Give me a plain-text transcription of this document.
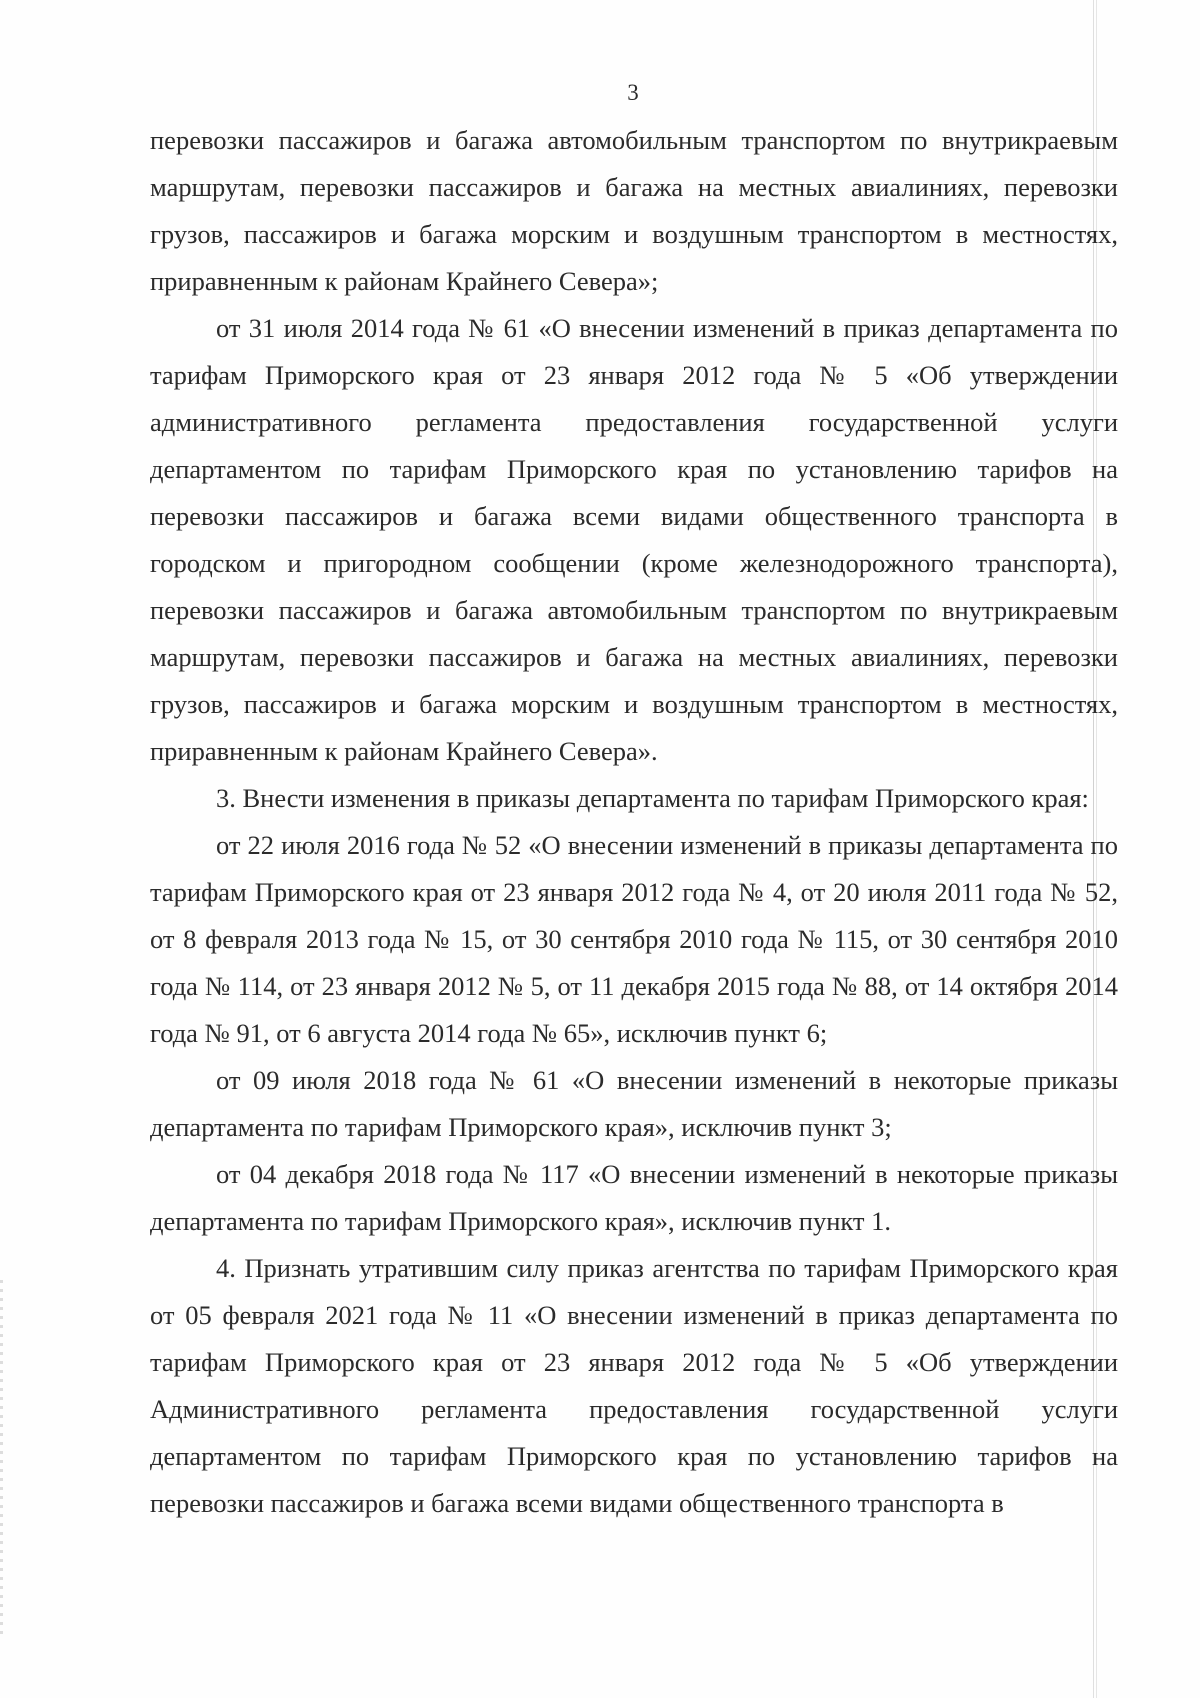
3

перевозки пассажиров и багажа автомобильным транспортом по внутрикраевым маршрутам, перевозки пассажиров и багажа на местных авиалиниях, перевозки грузов, пассажиров и багажа морским и воздушным транспортом в местностях, приравненным к районам Крайнего Севера»;

от 31 июля 2014 года № 61 «О внесении изменений в приказ департамента по тарифам Приморского края от 23 января 2012 года № 5 «Об утверждении административного регламента предоставления государственной услуги департаментом по тарифам Приморского края по установлению тарифов на перевозки пассажиров и багажа всеми видами общественного транспорта в городском и пригородном сообщении (кроме железнодорожного транспорта), перевозки пассажиров и багажа автомобильным транспортом по внутрикраевым маршрутам, перевозки пассажиров и багажа на местных авиалиниях, перевозки грузов, пассажиров и багажа морским и воздушным транспортом в местностях, приравненным к районам Крайнего Севера».

3. Внести изменения в приказы департамента по тарифам Приморского края:

от 22 июля 2016 года № 52 «О внесении изменений в приказы департамента по тарифам Приморского края от 23 января 2012 года № 4, от 20 июля 2011 года № 52, от 8 февраля 2013 года № 15, от 30 сентября 2010 года № 115, от 30 сентября 2010 года № 114, от 23 января 2012 № 5, от 11 декабря 2015 года № 88, от 14 октября 2014 года № 91, от 6 августа 2014 года № 65», исключив пункт 6;

от 09 июля 2018 года № 61 «О внесении изменений в некоторые приказы департамента по тарифам Приморского края», исключив пункт 3;

от 04 декабря 2018 года № 117 «О внесении изменений в некоторые приказы департамента по тарифам Приморского края», исключив пункт 1.

4. Признать утратившим силу приказ агентства по тарифам Приморского края от 05 февраля 2021 года № 11 «О внесении изменений в приказ департамента по тарифам Приморского края от 23 января 2012 года № 5 «Об утверждении Административного регламента предоставления государственной услуги департаментом по тарифам Приморского края по установлению тарифов на перевозки пассажиров и багажа всеми видами общественного транспорта в
